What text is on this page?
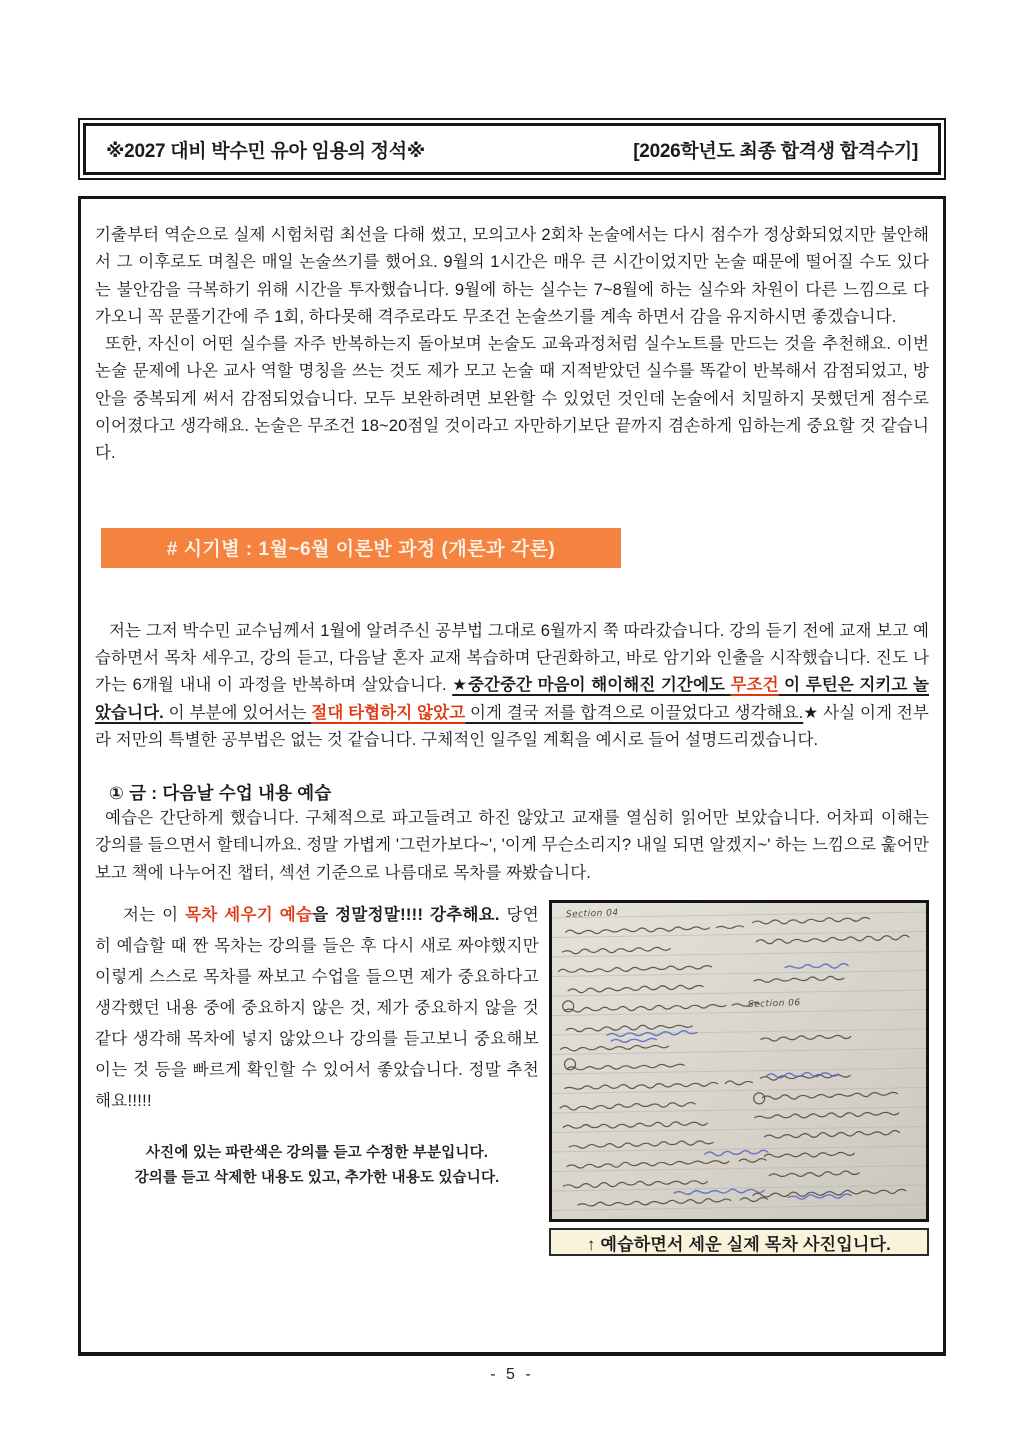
※2027 대비 박수민 유아 임용의 정석※	[2026학년도 최종 합격생 합격수기]

기출부터 역순으로 실제 시험처럼 최선을 다해 썼고, 모의고사 2회차 논술에서는 다시 점수가 정상화되었지만 불안해서 그 이후로도 며칠은 매일 논술쓰기를 했어요. 9월의 1시간은 매우 큰 시간이었지만 논술 때문에 떨어질 수도 있다는 불안감을 극복하기 위해 시간을 투자했습니다. 9월에 하는 실수는 7~8월에 하는 실수와 차원이 다른 느낌으로 다가오니 꼭 문풀기간에 주 1회, 하다못해 격주로라도 무조건 논술쓰기를 계속 하면서 감을 유지하시면 좋겠습니다.

또한, 자신이 어떤 실수를 자주 반복하는지 돌아보며 논술도 교육과정처럼 실수노트를 만드는 것을 추천해요. 이번 논술 문제에 나온 교사 역할 명칭을 쓰는 것도 제가 모고 논술 때 지적받았던 실수를 똑같이 반복해서 감점되었고, 방안을 중복되게 써서 감점되었습니다. 모두 보완하려면 보완할 수 있었던 것인데 논술에서 치밀하지 못했던게 점수로 이어졌다고 생각해요. 논술은 무조건 18~20점일 것이라고 자만하기보단 끝까지 겸손하게 임하는게 중요할 것 같습니다.

# 시기별 : 1월~6월 이론반 과정 (개론과 각론)

저는 그저 박수민 교수님께서 1월에 알려주신 공부법 그대로 6월까지 쭉 따라갔습니다. 강의 듣기 전에 교재 보고 예습하면서 목차 세우고, 강의 듣고, 다음날 혼자 교재 복습하며 단권화하고, 바로 암기와 인출을 시작했습니다. 진도 나가는 6개월 내내 이 과정을 반복하며 살았습니다. ★중간중간 마음이 해이해진 기간에도 무조건 이 루틴은 지키고 놀았습니다. 이 부분에 있어서는 절대 타협하지 않았고 이게 결국 저를 합격으로 이끌었다고 생각해요.★ 사실 이게 전부라 저만의 특별한 공부법은 없는 것 같습니다. 구체적인 일주일 계획을 예시로 들어 설명드리겠습니다.

① 금 : 다음날 수업 내용 예습

예습은 간단하게 했습니다. 구체적으로 파고들려고 하진 않았고 교재를 열심히 읽어만 보았습니다. 어차피 이해는 강의를 들으면서 할테니까요. 정말 가볍게 '그런가보다~', '이게 무슨소리지? 내일 되면 알겠지~' 하는 느낌으로 훑어만 보고 책에 나누어진 챕터, 섹션 기준으로 나름대로 목차를 짜봤습니다.

저는 이 목차 세우기 예습을 정말정말!!!! 강추해요. 당연히 예습할 때 짠 목차는 강의를 들은 후 다시 새로 짜야했지만 이렇게 스스로 목차를 짜보고 수업을 들으면 제가 중요하다고 생각했던 내용 중에 중요하지 않은 것, 제가 중요하지 않을 것 같다 생각해 목차에 넣지 않았으나 강의를 듣고보니 중요해보이는 것 등을 빠르게 확인할 수 있어서 좋았습니다. 정말 추천해요!!!!!

사진에 있는 파란색은 강의를 듣고 수정한 부분입니다.
강의를 듣고 삭제한 내용도 있고, 추가한 내용도 있습니다.
Section 04
Section 06
↑ 예습하면서 세운 실제 목차 사진입니다.
- 5 -
